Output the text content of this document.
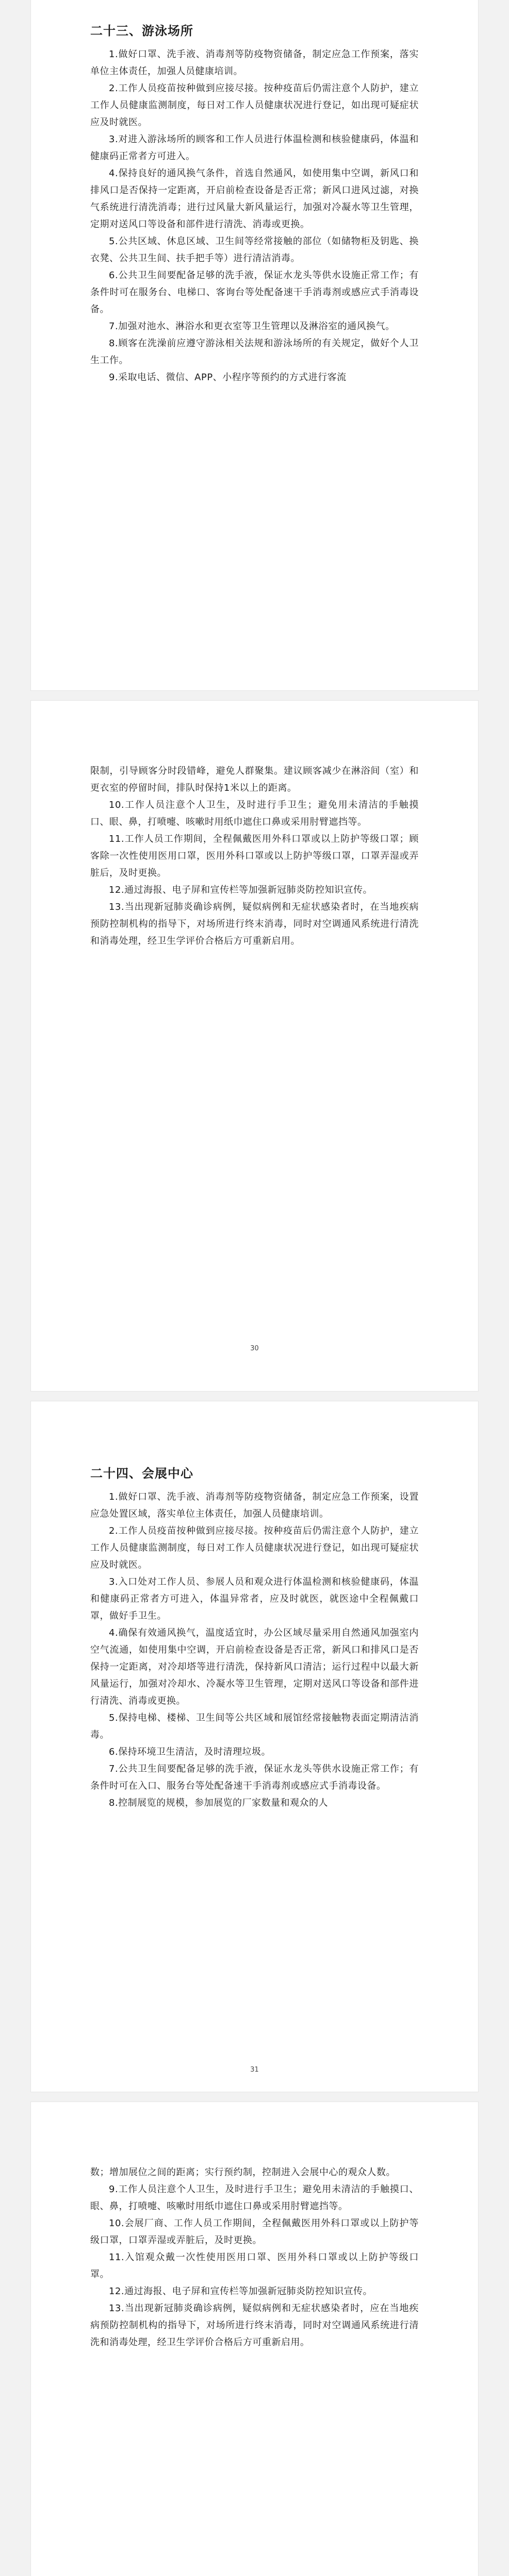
二十三、游泳场所

1.做好口罩、洗手液、消毒剂等防疫物资储备，制定应急工作预案，落实单位主体责任，加强人员健康培训。

2.工作人员疫苗按种做到应接尽接。按种疫苗后仍需注意个人防护，建立工作人员健康监测制度，每日对工作人员健康状况进行登记，如出现可疑症状应及时就医。

3.对进入游泳场所的顾客和工作人员进行体温检测和核验健康码，体温和健康码正常者方可进入。

4.保持良好的通风换气条件，首选自然通风，如使用集中空调，新风口和排风口是否保持一定距离，开启前检查设备是否正常；新风口进风过滤，对换气系统进行清洗消毒；进行过风量大新风量运行，加强对冷凝水等卫生管理，定期对送风口等设备和部件进行清洗、消毒或更换。

5.公共区域、休息区域、卫生间等经常接触的部位（如储物柜及钥匙、换衣凳、公共卫生间、扶手把手等）进行清洁消毒。

6.公共卫生间要配备足够的洗手液，保证水龙头等供水设施正常工作；有条件时可在服务台、电梯口、客询台等处配备速干手消毒剂或感应式手消毒设备。

7.加强对池水、淋浴水和更衣室等卫生管理以及淋浴室的通风换气。

8.顾客在洗澡前应遵守游泳相关法规和游泳场所的有关规定，做好个人卫生工作。

9.采取电话、微信、APP、小程序等预约的方式进行客流

限制，引导顾客分时段错峰，避免人群聚集。建议顾客减少在淋浴间（室）和更衣室的停留时间，排队时保持1米以上的距离。

10.工作人员注意个人卫生，及时进行手卫生；避免用未清洁的手触摸口、眼、鼻，打喷嚏、咳嗽时用纸巾遮住口鼻或采用肘臂遮挡等。

11.工作人员工作期间，全程佩戴医用外科口罩或以上防护等级口罩；顾客除一次性使用医用口罩，医用外科口罩或以上防护等级口罩，口罩弄湿或弄脏后，及时更换。

12.通过海报、电子屏和宣传栏等加强新冠肺炎防控知识宣传。

13.当出现新冠肺炎确诊病例，疑似病例和无症状感染者时，在当地疾病预防控制机构的指导下，对场所进行终末消毒，同时对空调通风系统进行清洗和消毒处理，经卫生学评价合格后方可重新启用。

30
二十四、会展中心

1.做好口罩、洗手液、消毒剂等防疫物资储备，制定应急工作预案，设置应急处置区域，落实单位主体责任，加强人员健康培训。

2.工作人员疫苗按种做到应接尽接。按种疫苗后仍需注意个人防护，建立工作人员健康监测制度，每日对工作人员健康状况进行登记，如出现可疑症状应及时就医。

3.入口处对工作人员、参展人员和观众进行体温检测和核验健康码，体温和健康码正常者方可进入，体温异常者，应及时就医，就医途中全程佩戴口罩，做好手卫生。

4.确保有效通风换气，温度适宜时，办公区域尽量采用自然通风加强室内空气流通，如使用集中空调，开启前检查设备是否正常，新风口和排风口是否保持一定距离，对冷却塔等进行清洗，保持新风口清洁；运行过程中以最大新风量运行，加强对冷却水、冷凝水等卫生管理，定期对送风口等设备和部件进行清洗、消毒或更换。

5.保持电梯、楼梯、卫生间等公共区域和展馆经常接触物表面定期清洁消毒。

6.保持环境卫生清洁，及时清理垃圾。

7.公共卫生间要配备足够的洗手液，保证水龙头等供水设施正常工作；有条件时可在入口、服务台等处配备速干手消毒剂或感应式手消毒设备。

8.控制展览的规模，参加展览的厂家数量和观众的人

31

数；增加展位之间的距离；实行预约制，控制进入会展中心的观众人数。

9.工作人员注意个人卫生，及时进行手卫生；避免用未清洁的手触摸口、眼、鼻，打喷嚏、咳嗽时用纸巾遮住口鼻或采用肘臂遮挡等。

10.会展厂商、工作人员工作期间，全程佩戴医用外科口罩或以上防护等级口罩，口罩弄湿或弄脏后，及时更换。

11.入馆观众戴一次性使用医用口罩、医用外科口罩或以上防护等级口罩。

12.通过海报、电子屏和宣传栏等加强新冠肺炎防控知识宣传。

13.当出现新冠肺炎确诊病例，疑似病例和无症状感染者时，应在当地疾病预防控制机构的指导下，对场所进行终末消毒，同时对空调通风系统进行清洗和消毒处理，经卫生学评价合格后方可重新启用。
